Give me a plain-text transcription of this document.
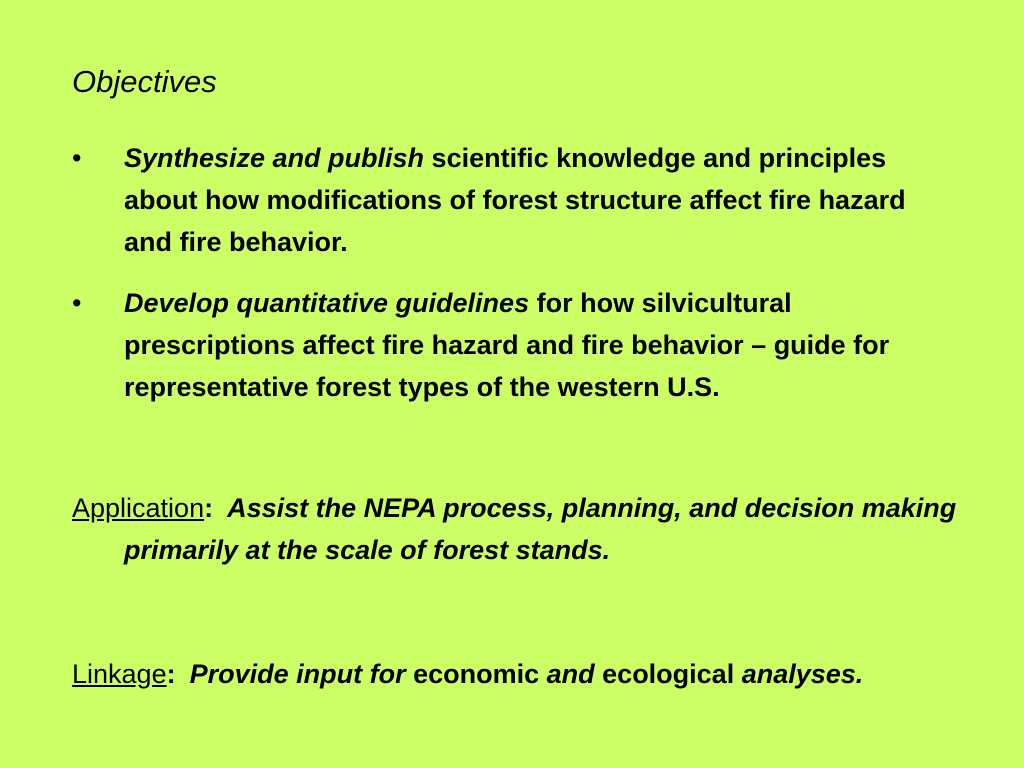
Objectives
•	Synthesize and publish scientific knowledge and principles about how modifications of forest structure affect fire hazard and fire behavior.
•	Develop quantitative guidelines for how silvicultural prescriptions affect fire hazard and fire behavior – guide for representative forest types of the western U.S.
Application: Assist the NEPA process, planning, and decision making primarily at the scale of forest stands.
Linkage: Provide input for economic and ecological analyses.
